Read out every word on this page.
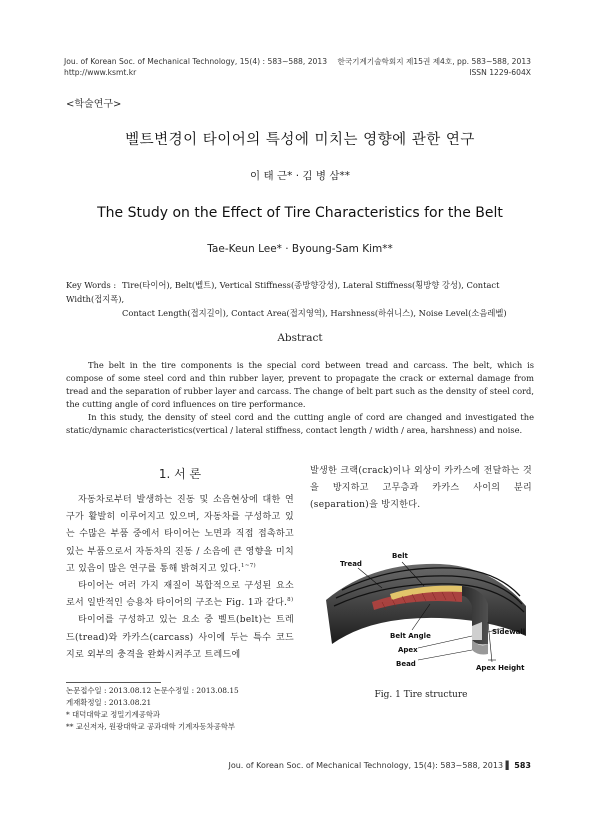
Jou. of Korean Soc. of Mechanical Technology, 15(4) : 583~588, 2013
http://www.ksmt.kr
한국기계기술학회지 제15권 제4호, pp. 583~588, 2013
ISSN 1229-604X
<학술연구>
벨트변경이 타이어의 특성에 미치는 영향에 관한 연구
이 태 근* · 김 병 삼**
The Study on the Effect of Tire Characteristics for the Belt
Tae-Keun Lee* · Byoung-Sam Kim**
Key Words : Tire(타이어), Belt(벨트), Vertical Stiffness(종방향강성), Lateral Stiffness(횡방향 강성), Contact Width(접지폭),
Contact Length(접지길이), Contact Area(접지영역), Harshness(하쉬니스), Noise Level(소음레벨)
Abstract

The belt in the tire components is the special cord between tread and carcass. The belt, which is compose of some steel cord and thin rubber layer, prevent to propagate the crack or external damage from tread and the separation of rubber layer and carcass. The change of belt part such as the density of steel cord, the cutting angle of cord influences on tire performance.

In this study, the density of steel cord and the cutting angle of cord are changed and investigated the static/dynamic characteristics(vertical / lateral stiffness, contact length / width / area, harshness) and noise.

1. 서 론

자동차로부터 발생하는 진동 및 소음현상에 대한 연구가 활발히 이루어지고 있으며, 자동차를 구성하고 있는 수많은 부품 중에서 타이어는 노면과 직접 접촉하고 있는 부품으로서 자동차의 진동 / 소음에 큰 영향을 미치고 있음이 많은 연구를 통해 밝혀지고 있다.$^{1\sim 7)}$

타이어는 여러 가지 재질이 복합적으로 구성된 요소로서 일반적인 승용차 타이어의 구조는 Fig. 1과 같다.$^{8)}$

타이어를 구성하고 있는 요소 중 벨트(belt)는 트레드(tread)와 카카스(carcass) 사이에 두는 특수 코드지로 외부의 충격을 완화시켜주고 트레드에

발생한 크랙(crack)이나 외상이 카카스에 전달하는 것을 방지하고 고무층과 카카스 사이의 분리(separation)을 방지한다.

논문접수일 : 2013.08.12 논문수정일 : 2013.08.15
게재확정일 : 2013.08.21
* 대덕대학교 정밀기계공학과
** 교신저자, 원광대학교 공과대학 기계자동차공학부
Belt
Tread
Belt Angle	Sidewall
Apex
Bead	Apex Height
Fig. 1 Tire structure
Jou. of Korean Soc. of Mechanical Technology, 15(4): 583~588, 2013 ▌ 583
